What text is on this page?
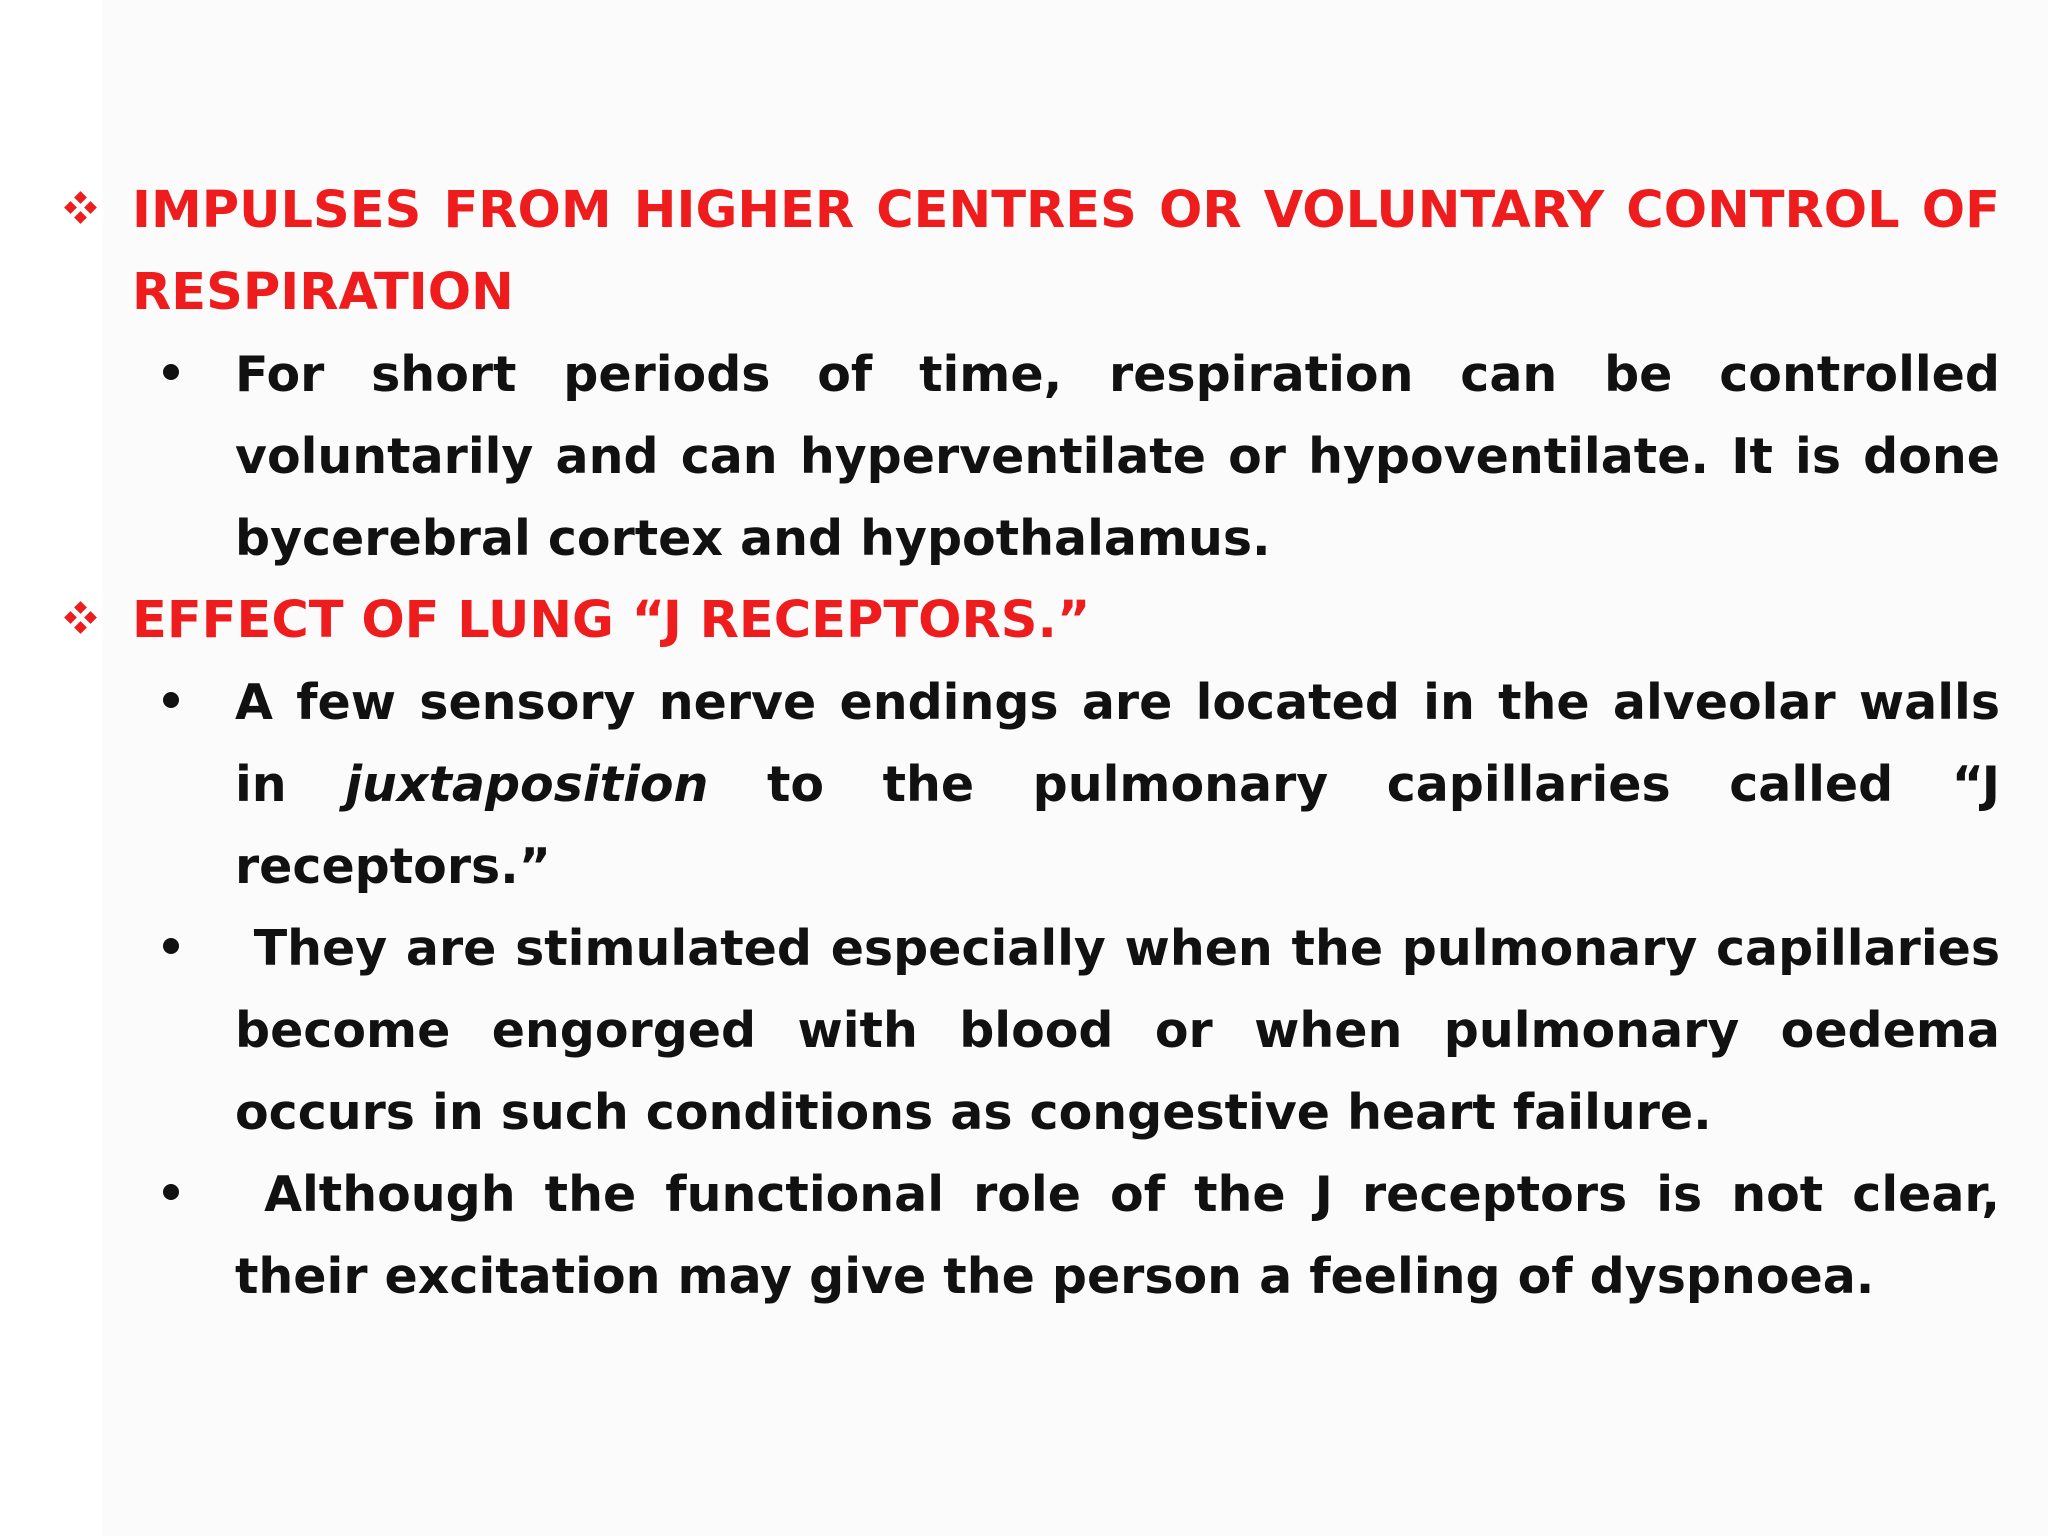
IMPULSES FROM HIGHER CENTRES OR VOLUNTARY CONTROL OF RESPIRATION
For short periods of time, respiration can be controlled voluntarily and can hyperventilate or hypoventilate. It is done bycerebral cortex and hypothalamus.
EFFECT OF LUNG “J RECEPTORS.”
A few sensory nerve endings are located in the alveolar walls in juxtaposition to the pulmonary capillaries called “J receptors.”
They are stimulated especially when the pulmonary capillaries become engorged with blood or when pulmonary oedema occurs in such conditions as congestive heart failure.
Although the functional role of the J receptors is not clear, their excitation may give the person a feeling of dyspnoea.
